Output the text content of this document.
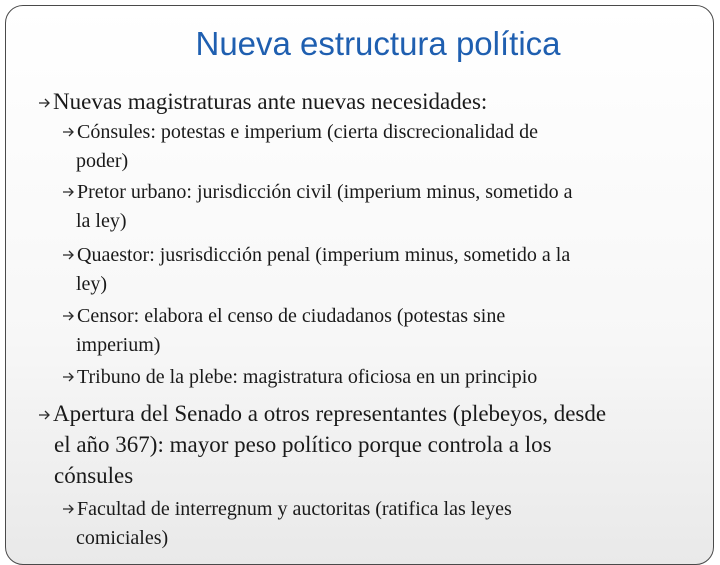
Nueva estructura política
Nuevas magistraturas ante nuevas necesidades:
Cónsules: potestas e imperium (cierta discrecionalidad de
poder)
Pretor urbano: jurisdicción civil (imperium minus, sometido a
la ley)
Quaestor: jusrisdicción penal (imperium minus, sometido a la
ley)
Censor: elabora el censo de ciudadanos (potestas sine
imperium)
Tribuno de la plebe: magistratura oficiosa en un principio
Apertura del Senado a otros representantes (plebeyos, desde
el año 367): mayor peso político porque controla a los
cónsules
Facultad de interregnum y auctoritas (ratifica las leyes
comiciales)
